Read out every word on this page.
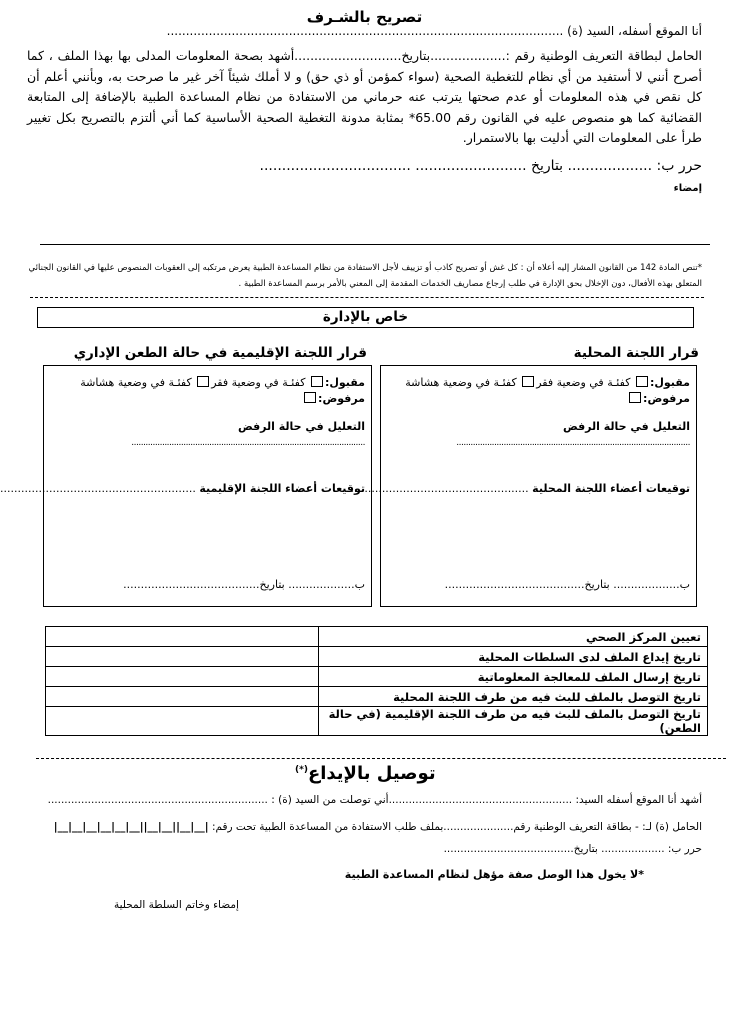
تصريح بالشـرف
أنا الموقع أسفله، السيد (ة) ........................................................................................................
الحامل لبطاقة التعريف الوطنية رقم :...................بتاريخ...........................أشهد بصحة المعلومات المدلى بها بهذا الملف ، كما أصرح أنني لا أستفيد من أي نظام للتغطية الصحية (سواء كمؤمن أو ذي حق) و لا أملك شيئاً آخر غير ما صرحت به، وبأنني أعلم أن كل نقص في هذه المعلومات أو عدم صحتها يترتب عنه حرماني من الاستفادة من نظام المساعدة الطبية بالإضافة إلى المتابعة القضائية كما هو منصوص عليه في القانون رقم 65.00* بمثابة مدونة التغطية الصحية الأساسية كما أني ألتزم بالتصريح بكل تغيير طرأ على المعلومات التي أدليت بها بالاستمرار.
حرر ب: ................... بتاريخ ......................... ..................................
إمضاء
*تنص المادة 142 من القانون المشار إليه أعلاه أن : كل غش أو تصريح كاذب أو تزييف لأجل الاستفادة من نظام المساعدة الطبية يعرض مرتكبه إلى العقوبات المنصوص عليها في القانون الجنائي المتعلق بهذه الأفعال، دون الإخلال بحق الإدارة في طلب إرجاع مصاريف الخدمات المقدمة إلى المعني بالأمر برسم المساعدة الطبية .
خاص بالإدارة
قرار اللجنة المحلية
قرار اللجنة الإقليمية في حالة الطعن الإداري
مقبول: كفئـة في وضعية فقر كفئـة في وضعية هشاشة
مرفوض:
التعليل في حالة الرفض
...................................................................................................
توقيعات أعضاء اللجنة المحلية ...................................................
ب................... بتاريخ........................................
مقبول: كفئـة في وضعية فقر كفئـة في وضعية هشاشة
مرفوض:
التعليل في حالة الرفض
...................................................................................................
توقيعات أعضاء اللجنة الإقليمية ........................................................
ب................... بتاريخ.......................................
تعيين المركز الصحي	
تاريخ إيداع الملف لدى السلطات المحلية	
تاريخ إرسال الملف للمعالجة المعلوماتية	
تاريخ التوصل بالملف للبث فيه من طرف اللجنة المحلية	
تاريخ التوصل بالملف للبث فيه من طرف اللجنة الإقليمية (في حالة الطعن)	
توصيل بالإيداع(*)
أشهد أنا الموقع أسفله السيد: .......................................................أني توصلت من السيد (ة) : ..................................................................
الحامل (ة) لـ: - بطاقة التعريف الوطنية رقم.....................بملف طلب الاستفادة من المساعدة الطبية تحت رقم: |__|__|__|__|__|__||__|__||__|__|
حرر ب: ................... بتاريخ.......................................
*لا يخول هذا الوصل صفة مؤهل لنظام المساعدة الطبية
إمضاء وخاتم السلطة المحلية
